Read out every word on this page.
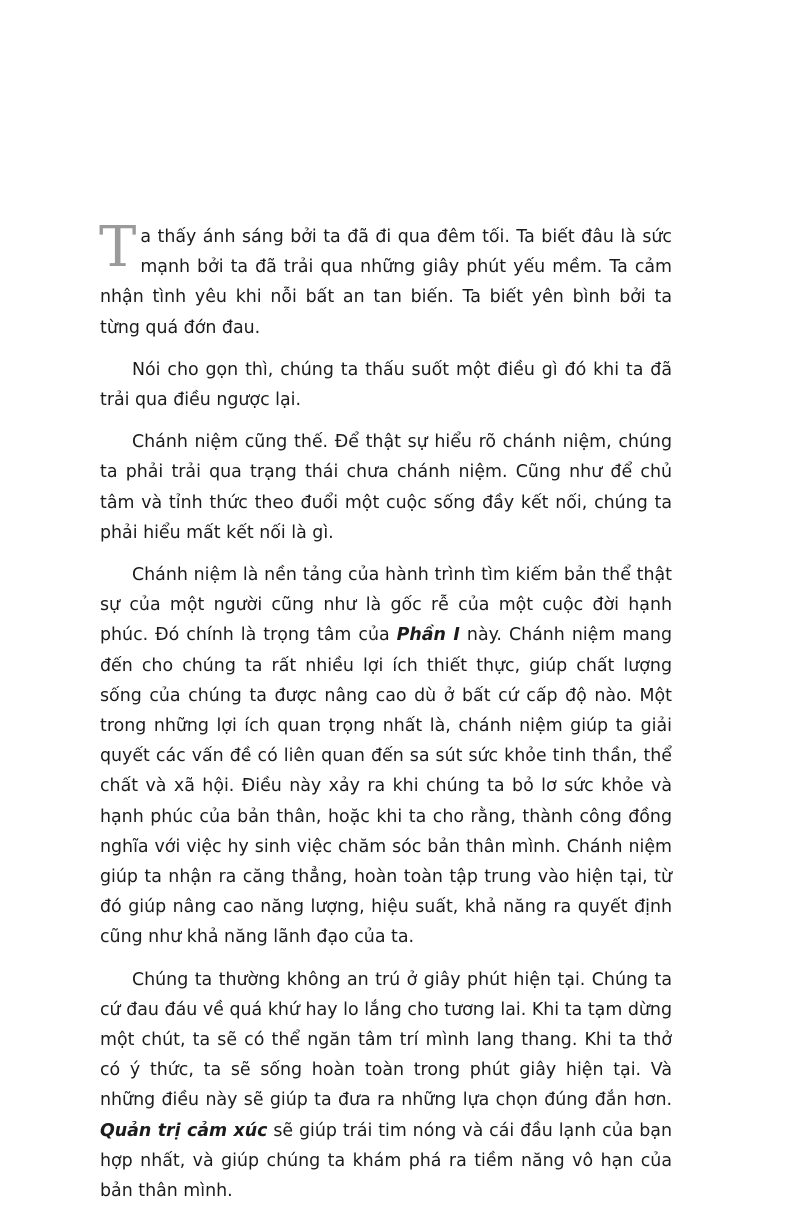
Ta thấy ánh sáng bởi ta đã đi qua đêm tối. Ta biết đâu là sức mạnh bởi ta đã trải qua những giây phút yếu mềm. Ta cảm nhận tình yêu khi nỗi bất an tan biến. Ta biết yên bình bởi ta từng quá đớn đau.

Nói cho gọn thì, chúng ta thấu suốt một điều gì đó khi ta đã trải qua điều ngược lại.

Chánh niệm cũng thế. Để thật sự hiểu rõ chánh niệm, chúng ta phải trải qua trạng thái chưa chánh niệm. Cũng như để chủ tâm và tỉnh thức theo đuổi một cuộc sống đầy kết nối, chúng ta phải hiểu mất kết nối là gì.

Chánh niệm là nền tảng của hành trình tìm kiếm bản thể thật sự của một người cũng như là gốc rễ của một cuộc đời hạnh phúc. Đó chính là trọng tâm của Phần I này. Chánh niệm mang đến cho chúng ta rất nhiều lợi ích thiết thực, giúp chất lượng sống của chúng ta được nâng cao dù ở bất cứ cấp độ nào. Một trong những lợi ích quan trọng nhất là, chánh niệm giúp ta giải quyết các vấn đề có liên quan đến sa sút sức khỏe tinh thần, thể chất và xã hội. Điều này xảy ra khi chúng ta bỏ lơ sức khỏe và hạnh phúc của bản thân, hoặc khi ta cho rằng, thành công đồng nghĩa với việc hy sinh việc chăm sóc bản thân mình. Chánh niệm giúp ta nhận ra căng thẳng, hoàn toàn tập trung vào hiện tại, từ đó giúp nâng cao năng lượng, hiệu suất, khả năng ra quyết định cũng như khả năng lãnh đạo của ta.

Chúng ta thường không an trú ở giây phút hiện tại. Chúng ta cứ đau đáu về quá khứ hay lo lắng cho tương lai. Khi ta tạm dừng một chút, ta sẽ có thể ngăn tâm trí mình lang thang. Khi ta thở có ý thức, ta sẽ sống hoàn toàn trong phút giây hiện tại. Và những điều này sẽ giúp ta đưa ra những lựa chọn đúng đắn hơn. Quản trị cảm xúc sẽ giúp trái tim nóng và cái đầu lạnh của bạn hợp nhất, và giúp chúng ta khám phá ra tiềm năng vô hạn của bản thân mình.
